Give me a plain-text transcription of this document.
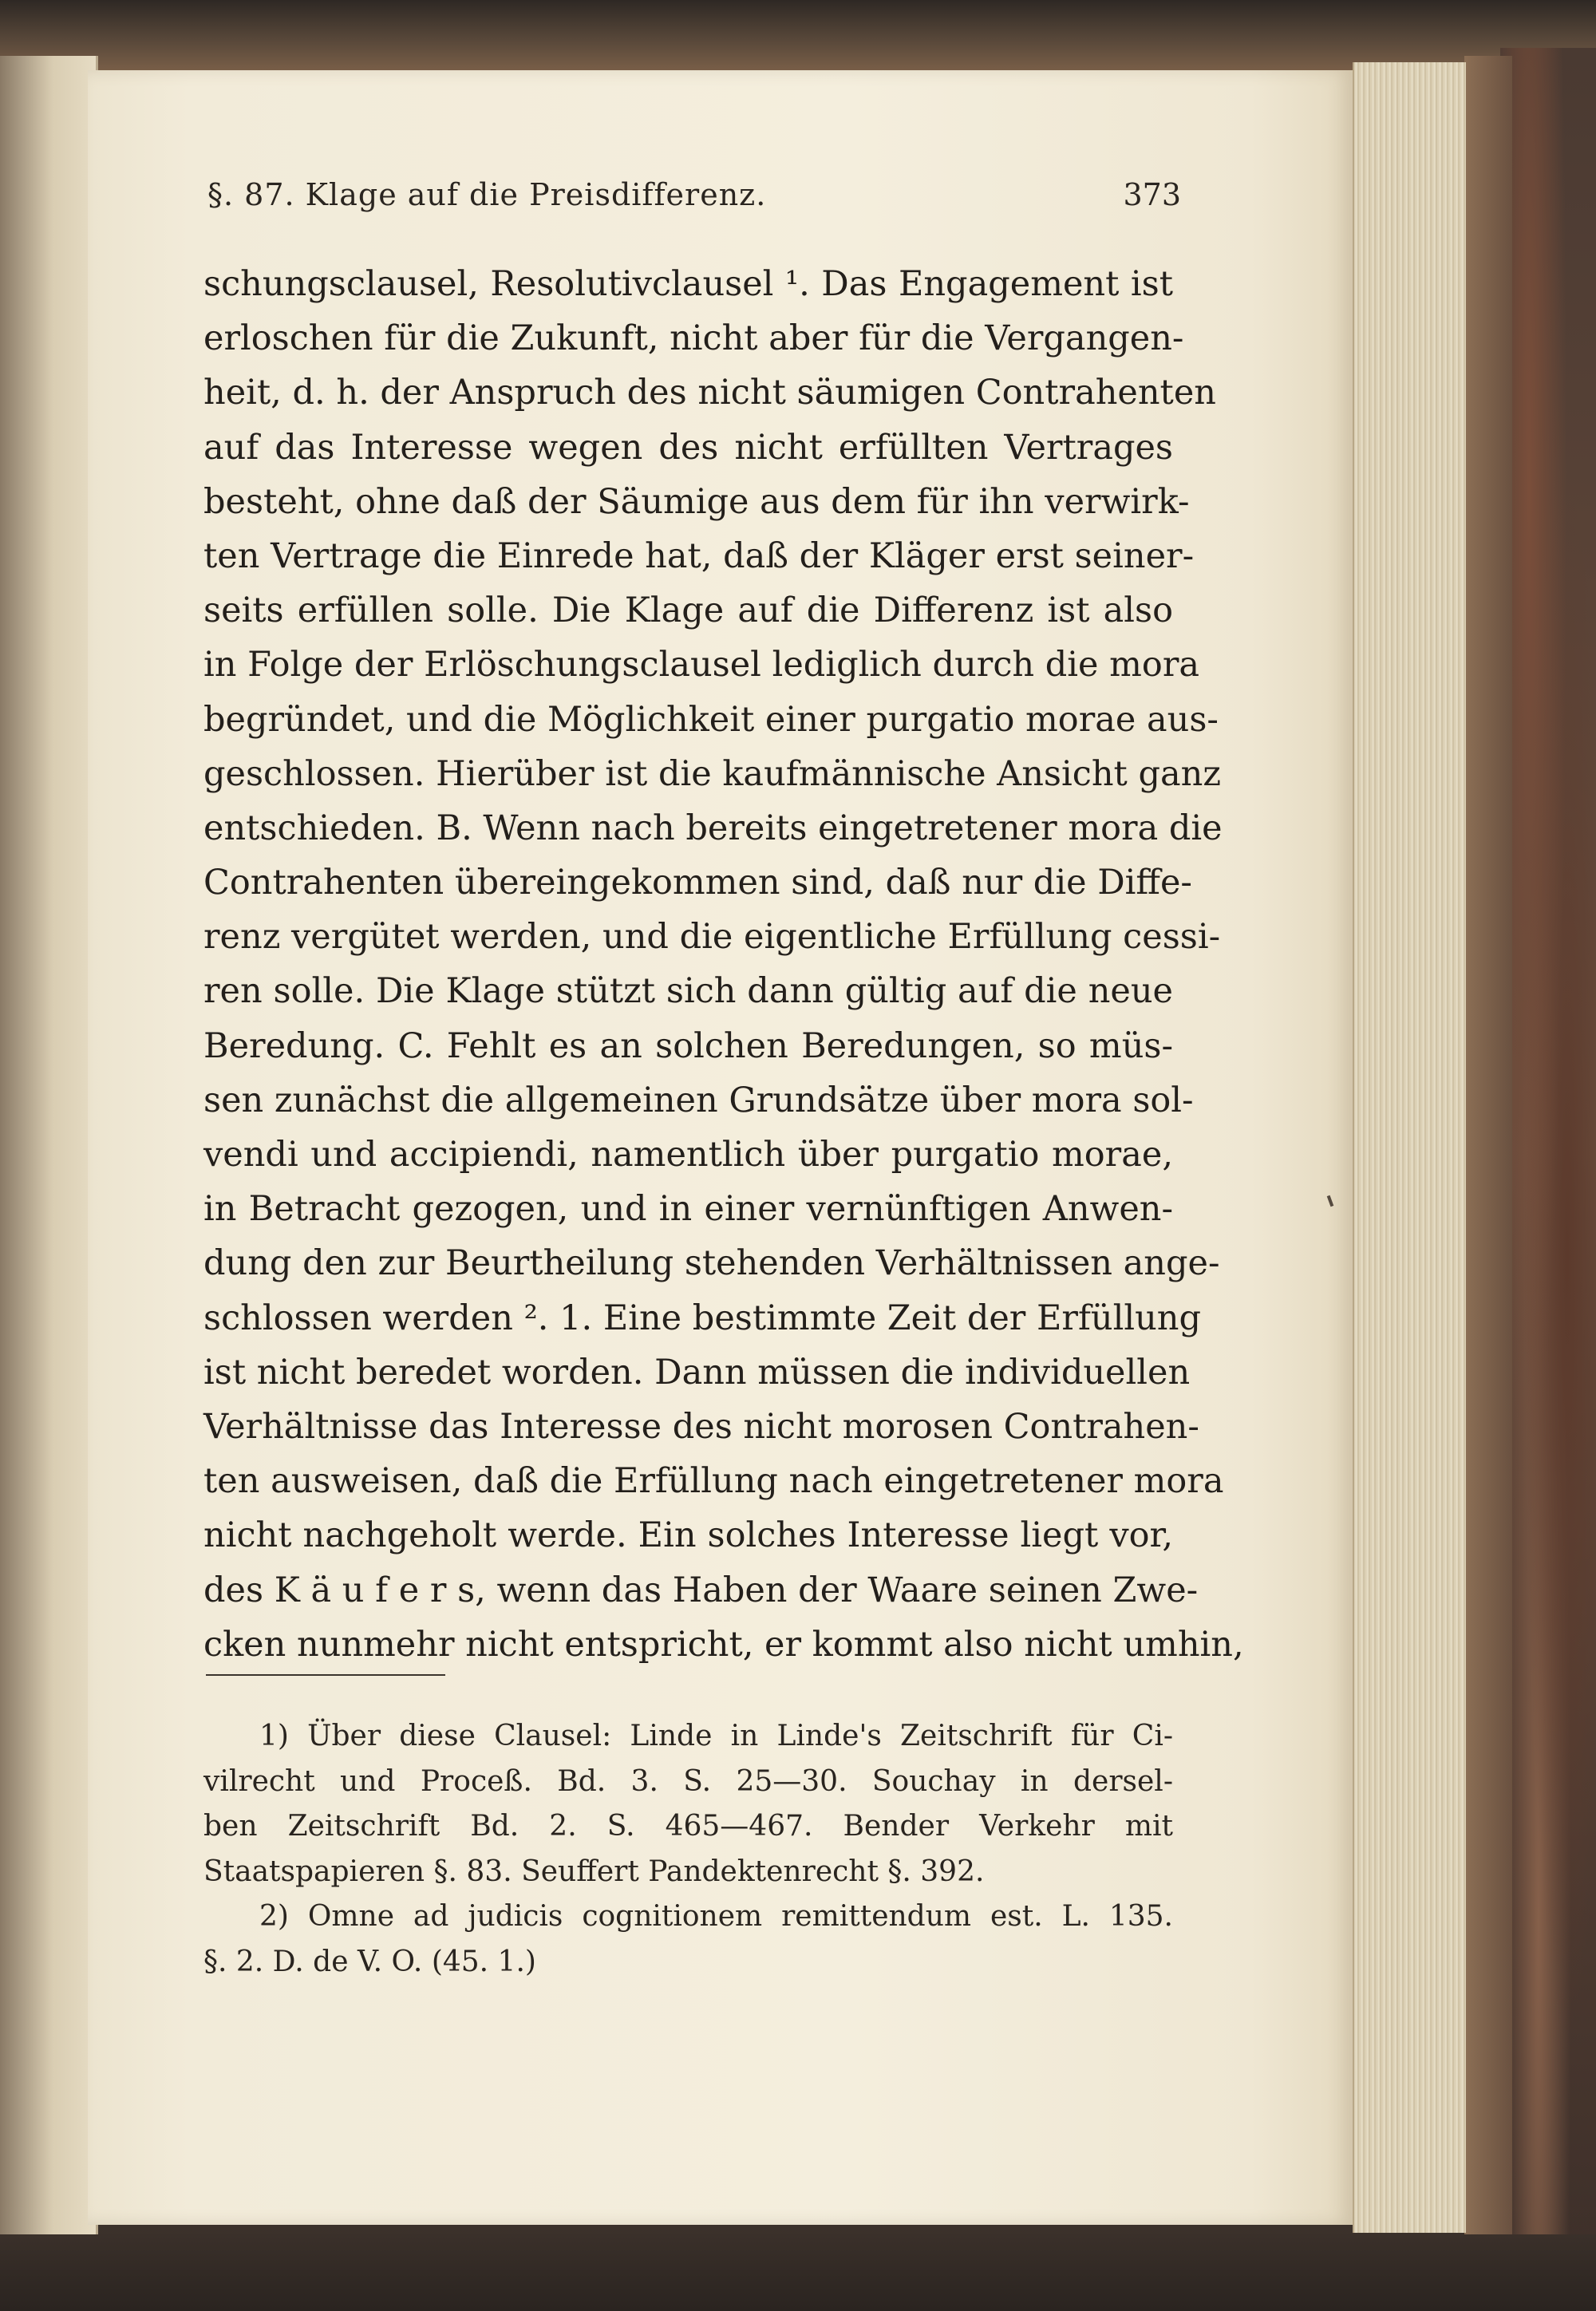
§. 87. Klage auf die Preisdifferenz.	373
schungsclausel, Resolutivclausel ¹. Das Engagement ist
erloschen für die Zukunft, nicht aber für die Vergangen-
heit, d. h. der Anspruch des nicht säumigen Contrahenten
auf das Interesse wegen des nicht erfüllten Vertrages
besteht, ohne daß der Säumige aus dem für ihn verwirk-
ten Vertrage die Einrede hat, daß der Kläger erst seiner-
seits erfüllen solle. Die Klage auf die Differenz ist also
in Folge der Erlöschungsclausel lediglich durch die mora
begründet, und die Möglichkeit einer purgatio morae aus-
geschlossen. Hierüber ist die kaufmännische Ansicht ganz
entschieden. B. Wenn nach bereits eingetretener mora die
Contrahenten übereingekommen sind, daß nur die Diffe-
renz vergütet werden, und die eigentliche Erfüllung cessi-
ren solle. Die Klage stützt sich dann gültig auf die neue
Beredung. C. Fehlt es an solchen Beredungen, so müs-
sen zunächst die allgemeinen Grundsätze über mora sol-
vendi und accipiendi, namentlich über purgatio morae,
in Betracht gezogen, und in einer vernünftigen Anwen-
dung den zur Beurtheilung stehenden Verhältnissen ange-
schlossen werden ². 1. Eine bestimmte Zeit der Erfüllung
ist nicht beredet worden. Dann müssen die individuellen
Verhältnisse das Interesse des nicht morosen Contrahen-
ten ausweisen, daß die Erfüllung nach eingetretener mora
nicht nachgeholt werde. Ein solches Interesse liegt vor,
des K ä u f e r s, wenn das Haben der Waare seinen Zwe-
cken nunmehr nicht entspricht, er kommt also nicht umhin,
1) Über diese Clausel: Linde in Linde's Zeitschrift für Ci-
vilrecht und Proceß. Bd. 3. S. 25—30. Souchay in dersel-
ben Zeitschrift Bd. 2. S. 465—467. Bender Verkehr mit
Staatspapieren §. 83. Seuffert Pandektenrecht §. 392.
2) Omne ad judicis cognitionem remittendum est. L. 135.
§. 2. D. de V. O. (45. 1.)
